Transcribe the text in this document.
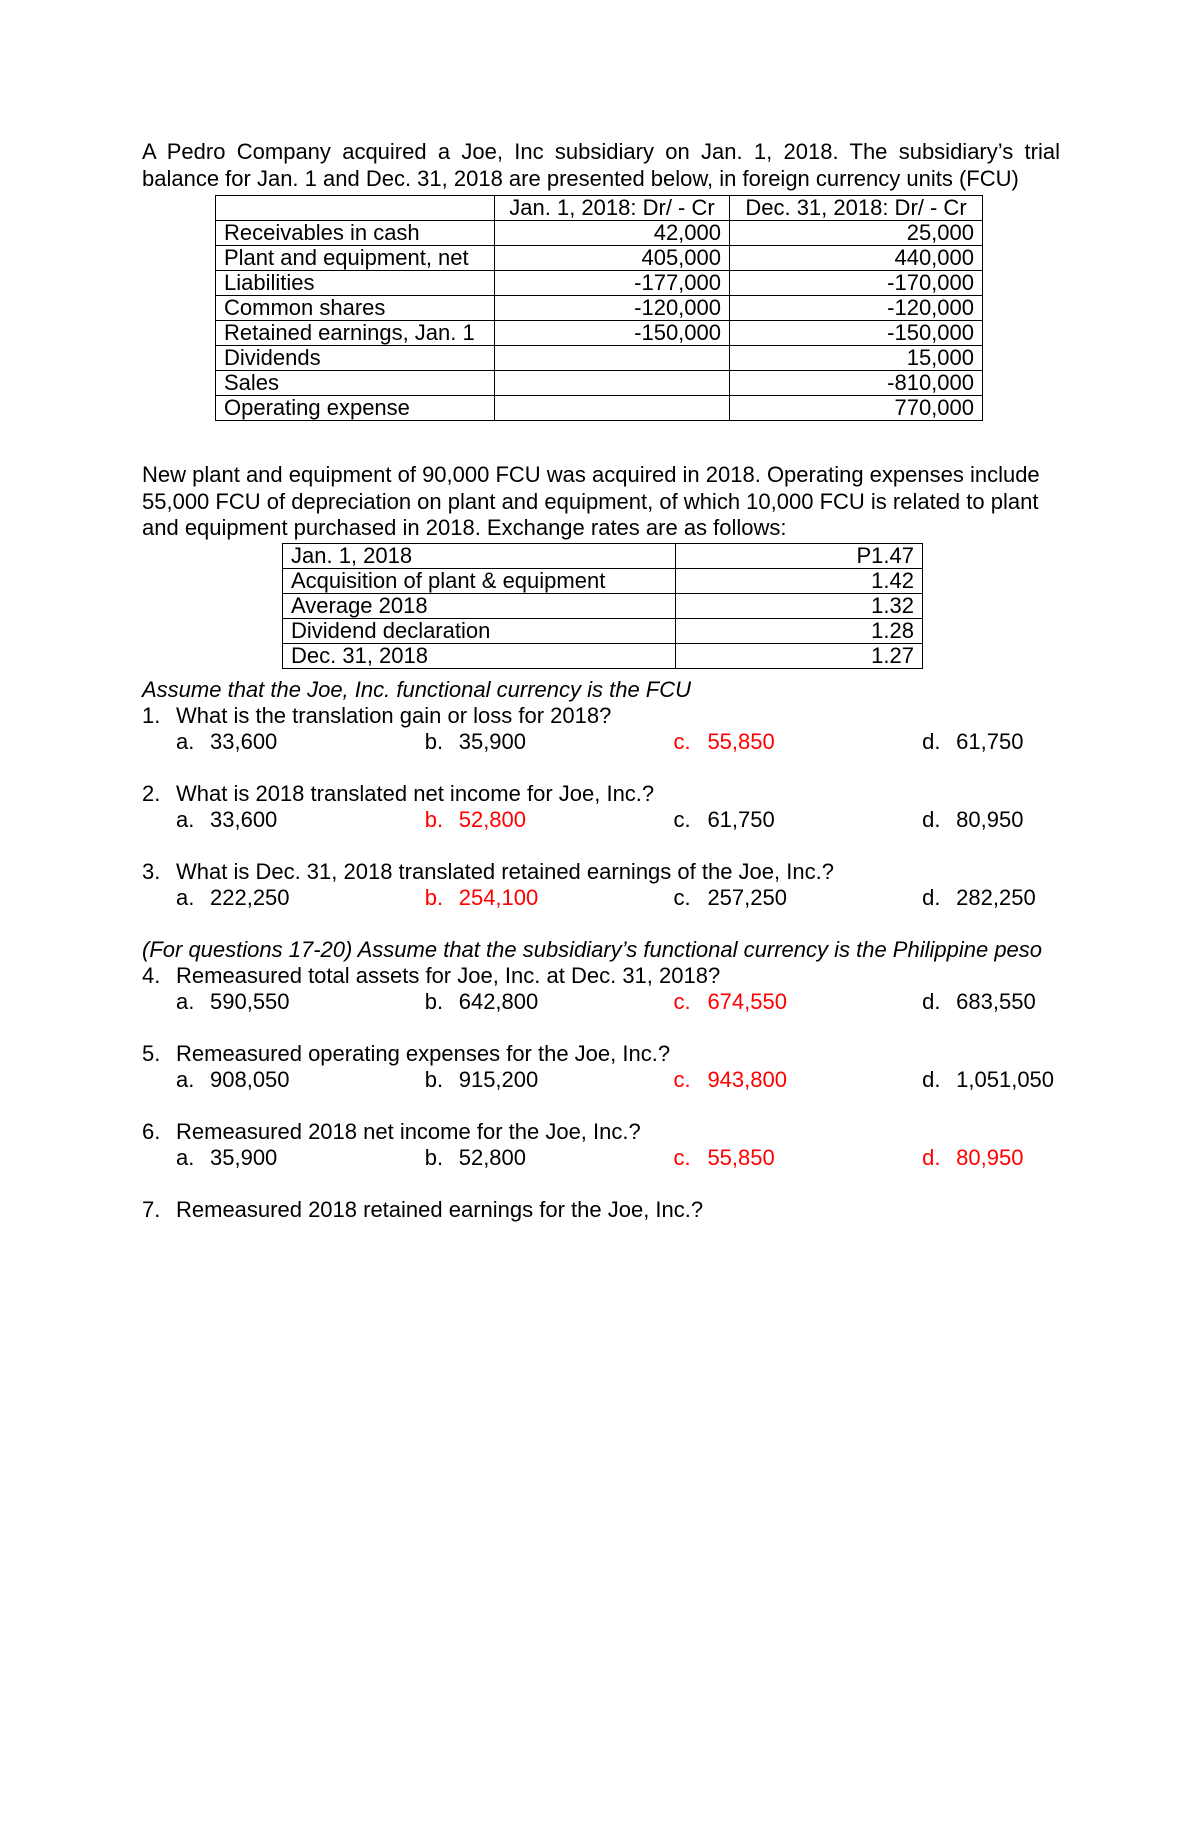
A Pedro Company acquired a Joe, Inc subsidiary on Jan. 1, 2018. The subsidiary’s trial
balance for Jan. 1 and Dec. 31, 2018 are presented below, in foreign currency units (FCU)
	Jan. 1, 2018: Dr/ - Cr	Dec. 31, 2018: Dr/ - Cr
Receivables in cash	42,000	25,000
Plant and equipment, net	405,000	440,000
Liabilities	-177,000	-170,000
Common shares	-120,000	-120,000
Retained earnings, Jan. 1	-150,000	-150,000
Dividends		15,000
Sales		-810,000
Operating expense		770,000
New plant and equipment of 90,000 FCU was acquired in 2018. Operating expenses include
55,000 FCU of depreciation on plant and equipment, of which 10,000 FCU is related to plant
and equipment purchased in 2018. Exchange rates are as follows:
Jan. 1, 2018	P1.47
Acquisition of plant & equipment	1.42
Average 2018	1.32
Dividend declaration	1.28
Dec. 31, 2018	1.27
Assume that the Joe, Inc. functional currency is the FCU
1. What is the translation gain or loss for 2018?
a. 33,600	b. 35,900	c. 55,850	d. 61,750
2. What is 2018 translated net income for Joe, Inc.?
a. 33,600	b. 52,800	c. 61,750	d. 80,950
3. What is Dec. 31, 2018 translated retained earnings of the Joe, Inc.?
a. 222,250	b. 254,100	c. 257,250	d. 282,250
(For questions 17-20) Assume that the subsidiary’s functional currency is the Philippine peso
4. Remeasured total assets for Joe, Inc. at Dec. 31, 2018?
a. 590,550	b. 642,800	c. 674,550	d. 683,550
5. Remeasured operating expenses for the Joe, Inc.?
a. 908,050	b. 915,200	c. 943,800	d. 1,051,050
6. Remeasured 2018 net income for the Joe, Inc.?
a. 35,900	b. 52,800	c. 55,850	d. 80,950
7. Remeasured 2018 retained earnings for the Joe, Inc.?
